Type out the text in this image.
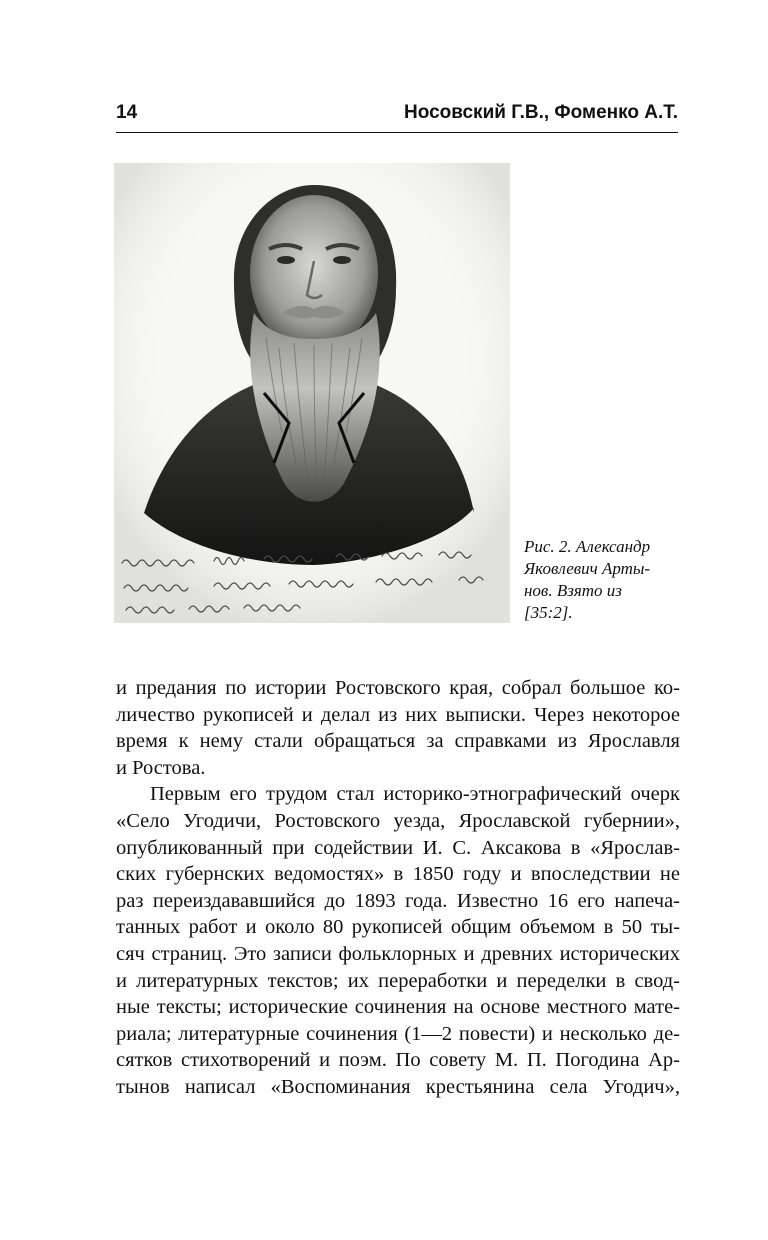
14	Носовский Г.В., Фоменко А.Т.
Рис. 2. Александр
Яковлевич Арты-
нов. Взято из
[35:2].
и предания по истории Ростовского края, собрал большое ко-
личество рукописей и делал из них выписки. Через некоторое
время к нему стали обращаться за справками из Ярославля
и Ростова.
Первым его трудом стал историко-этнографический очерк
«Село Угодичи, Ростовского уезда, Ярославской губернии»,
опубликованный при содействии И. С. Аксакова в «Ярослав-
ских губернских ведомостях» в 1850 году и впоследствии не
раз переиздававшийся до 1893 года. Известно 16 его напеча-
танных работ и около 80 рукописей общим объемом в 50 ты-
сяч страниц. Это записи фольклорных и древних исторических
и литературных текстов; их переработки и переделки в свод-
ные тексты; исторические сочинения на основе местного мате-
риала; литературные сочинения (1—2 повести) и несколько де-
сятков стихотворений и поэм. По совету М. П. Погодина Ар-
тынов написал «Воспоминания крестьянина села Угодич»,
